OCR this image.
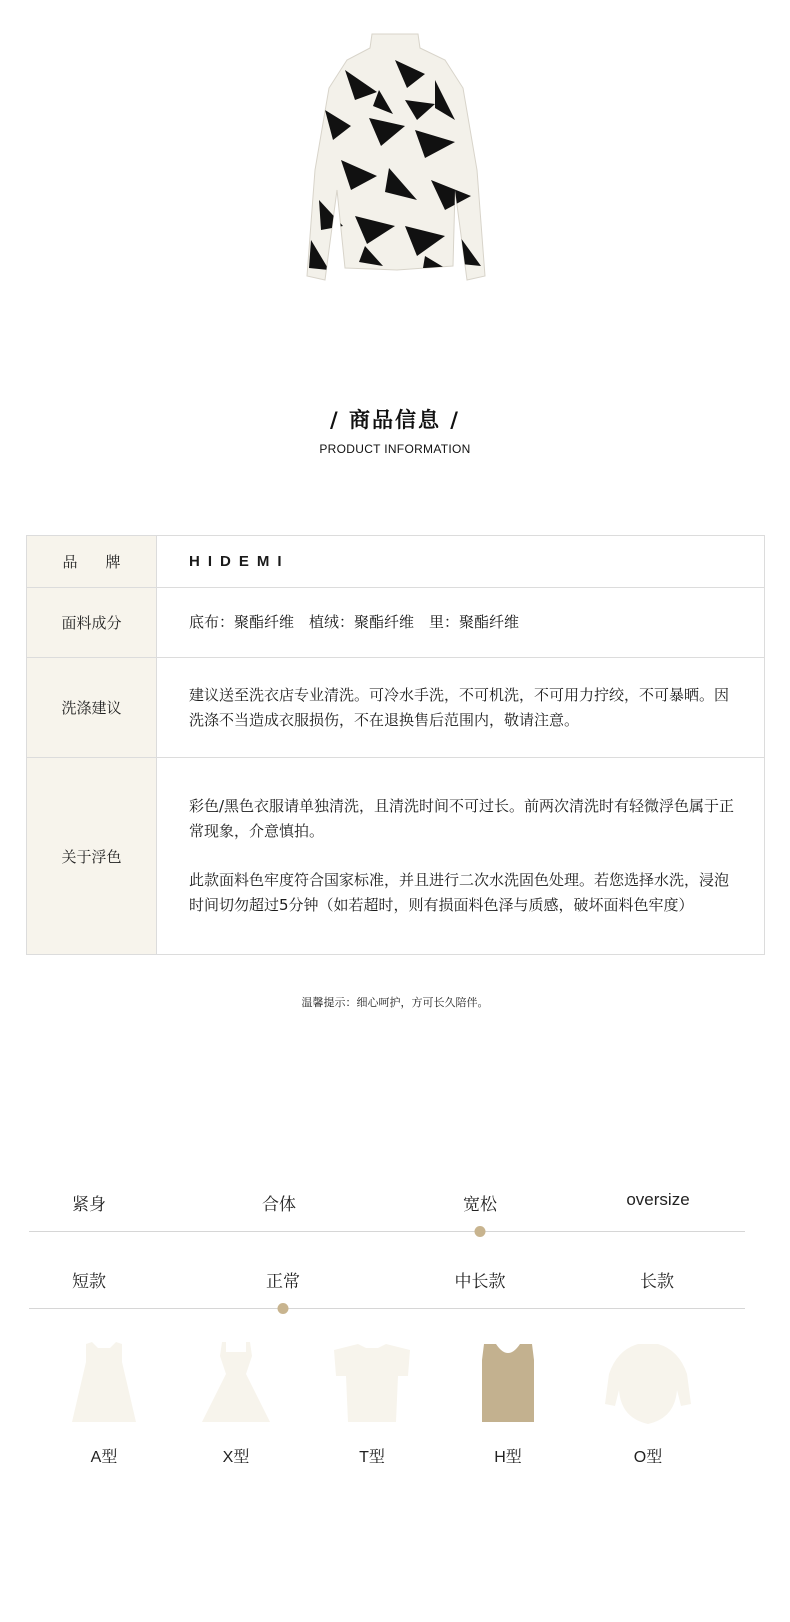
/ 商品信息 /
PRODUCT INFORMATION
品牌	HIDEMI
面料成分	底布：聚酯纤维　植绒：聚酯纤维　里：聚酯纤维
洗涤建议	建议送至洗衣店专业清洗。可冷水手洗，不可机洗，不可用力拧绞，不可暴晒。因洗涤不当造成衣服损伤，不在退换售后范围内，敬请注意。
关于浮色	彩色/黑色衣服请单独清洗，且清洗时间不可过长。前两次清洗时有轻微浮色属于正常现象，介意慎拍。
此款面料色牢度符合国家标准，并且进行二次水洗固色处理。若您选择水洗，浸泡时间切勿超过5分钟（如若超时，则有损面料色泽与质感，破坏面料色牢度）
温馨提示：细心呵护，方可长久陪伴。
紧身	合体	宽松	oversize
短款	正常	中长款	长款
A型	X型	T型	H型	O型
